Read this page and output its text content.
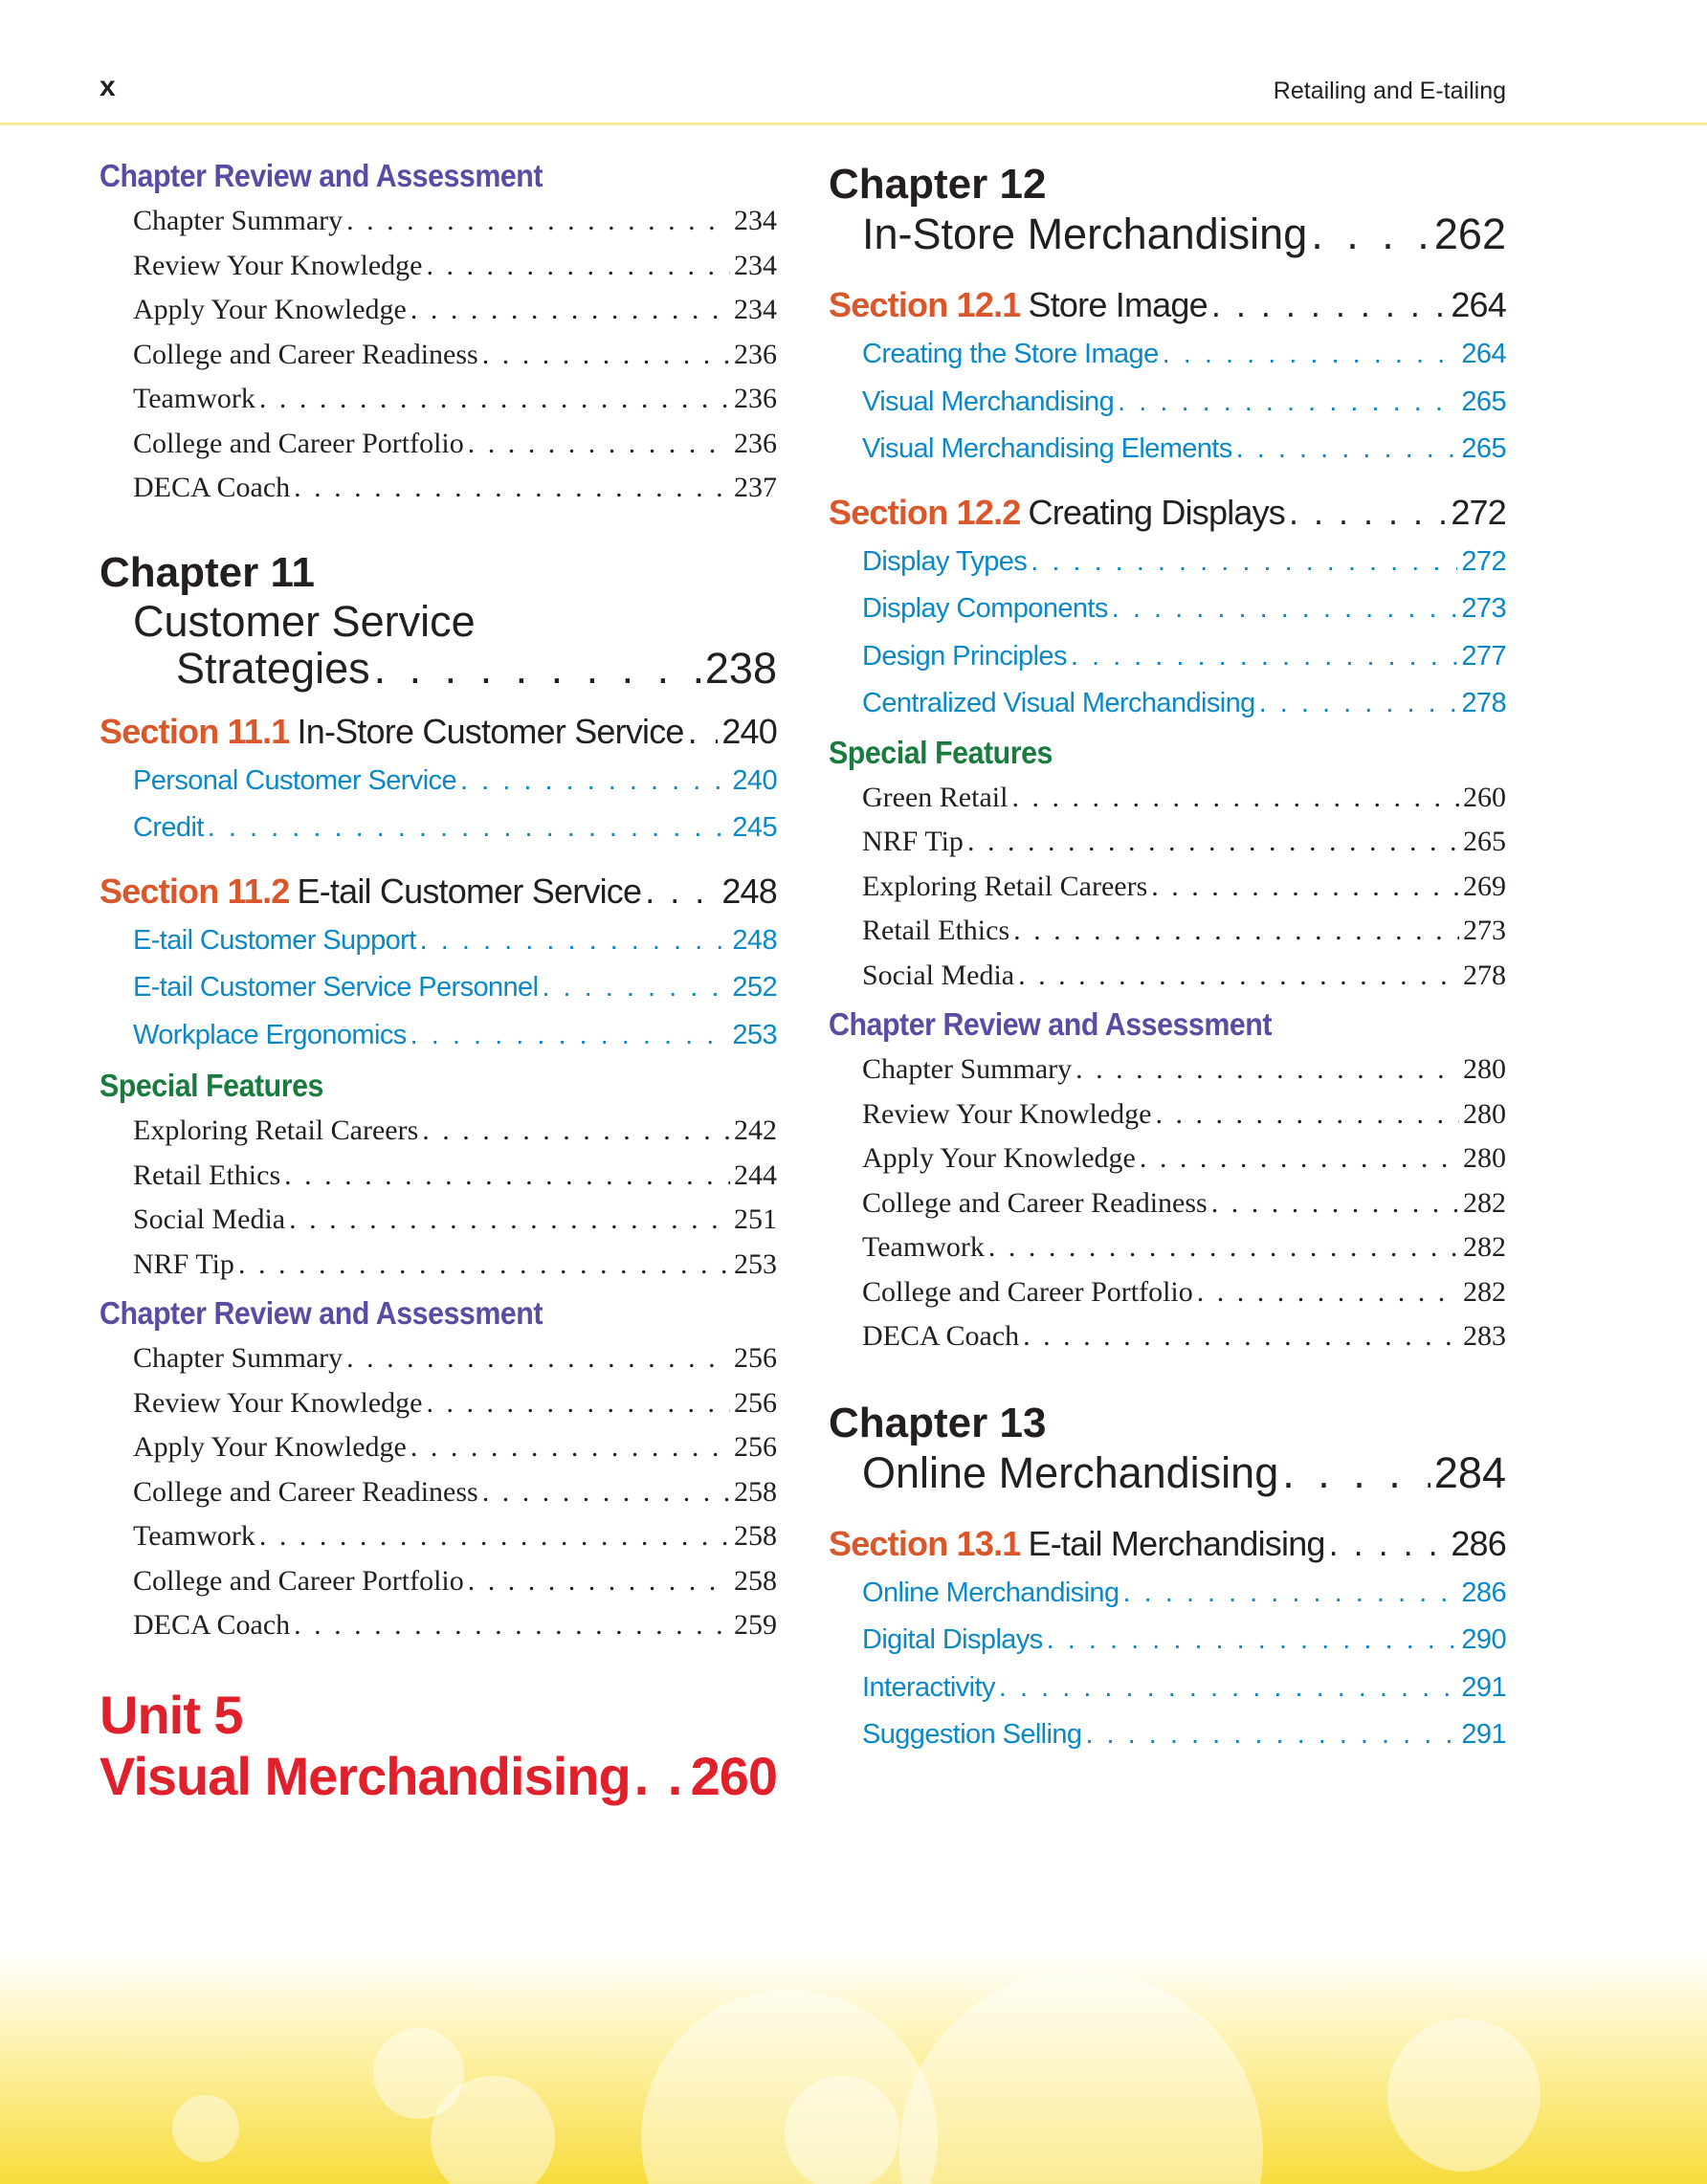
x	Retailing and E-tailing
Chapter Review and Assessment
Chapter Summary . . .	234
Review Your Knowledge . . .	234
Apply Your Knowledge . . .	234
College and Career Readiness . . .	236
Teamwork . . .	236
College and Career Portfolio . . .	236
DECA Coach . . .	237
Chapter 11
Customer Service
Strategies . . .	238
Section 11.1 In-Store Customer Service . . . 240
Personal Customer Service . . .	240
Credit . . .	245
Section 11.2 E-tail Customer Service . . . 248
E-tail Customer Support . . .	248
E-tail Customer Service Personnel . . .	252
Workplace Ergonomics . . .	253
Special Features
Exploring Retail Careers . . .	242
Retail Ethics . . .	244
Social Media . . .	251
NRF Tip . . .	253
Chapter Review and Assessment
Chapter Summary . . .	256
Review Your Knowledge . . .	256
Apply Your Knowledge . . .	256
College and Career Readiness . . .	258
Teamwork . . .	258
College and Career Portfolio . . .	258
DECA Coach . . .	259
Unit 5
Visual Merchandising . . . 260
Chapter 12
In-Store Merchandising . . .	262
Section 12.1 Store Image . . .	264
Creating the Store Image . . .	264
Visual Merchandising . . .	265
Visual Merchandising Elements . . .	265
Section 12.2 Creating Displays . . .	272
Display Types . . .	272
Display Components . . .	273
Design Principles . . .	277
Centralized Visual Merchandising . . .	278
Special Features
Green Retail . . .	260
NRF Tip . . .	265
Exploring Retail Careers . . .	269
Retail Ethics . . .	273
Social Media . . .	278
Chapter Review and Assessment
Chapter Summary . . .	280
Review Your Knowledge . . .	280
Apply Your Knowledge . . .	280
College and Career Readiness . . .	282
Teamwork . . .	282
College and Career Portfolio . . .	282
DECA Coach . . .	283
Chapter 13
Online Merchandising . . .	284
Section 13.1 E-tail Merchandising . . .	286
Online Merchandising . . .	286
Digital Displays . . .	290
Interactivity . . .	291
Suggestion Selling . . .	291
